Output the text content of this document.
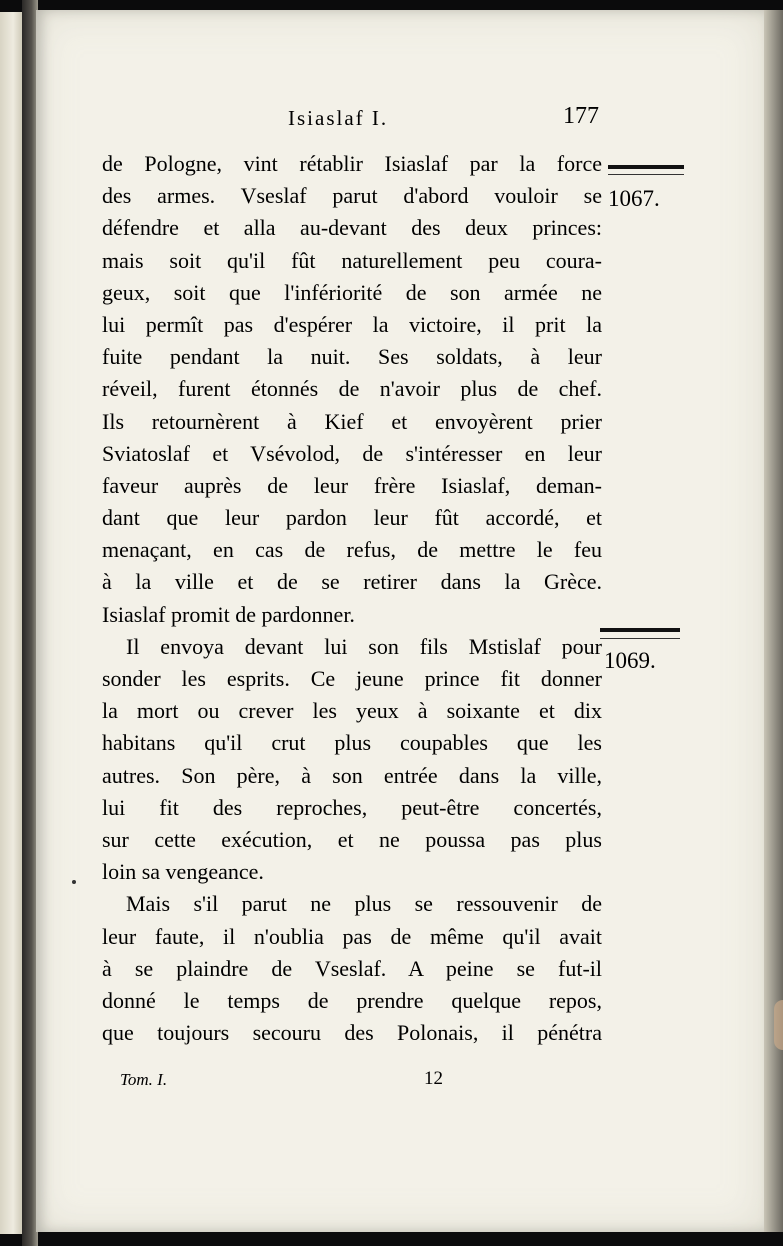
Isiaslaf I.	177
1067.
1069.
de Pologne, vint rétablir Isiaslaf par la force
des armes. Vseslaf parut d'abord vouloir se
défendre et alla au-devant des deux princes:
mais soit qu'il fût naturellement peu coura-
geux, soit que l'infériorité de son armée ne
lui permît pas d'espérer la victoire, il prit la
fuite pendant la nuit. Ses soldats, à leur
réveil, furent étonnés de n'avoir plus de chef.
Ils retournèrent à Kief et envoyèrent prier
Sviatoslaf et Vsévolod, de s'intéresser en leur
faveur auprès de leur frère Isiaslaf, deman-
dant que leur pardon leur fût accordé, et
menaçant, en cas de refus, de mettre le feu
à la ville et de se retirer dans la Grèce.
Isiaslaf promit de pardonner.
Il envoya devant lui son fils Mstislaf pour
sonder les esprits. Ce jeune prince fit donner
la mort ou crever les yeux à soixante et dix
habitans qu'il crut plus coupables que les
autres. Son père, à son entrée dans la ville,
lui fit des reproches, peut-être concertés,
sur cette exécution, et ne poussa pas plus
loin sa vengeance.
Mais s'il parut ne plus se ressouvenir de
leur faute, il n'oublia pas de même qu'il avait
à se plaindre de Vseslaf. A peine se fut-il
donné le temps de prendre quelque repos,
que toujours secouru des Polonais, il pénétra
Tom. I.	12
